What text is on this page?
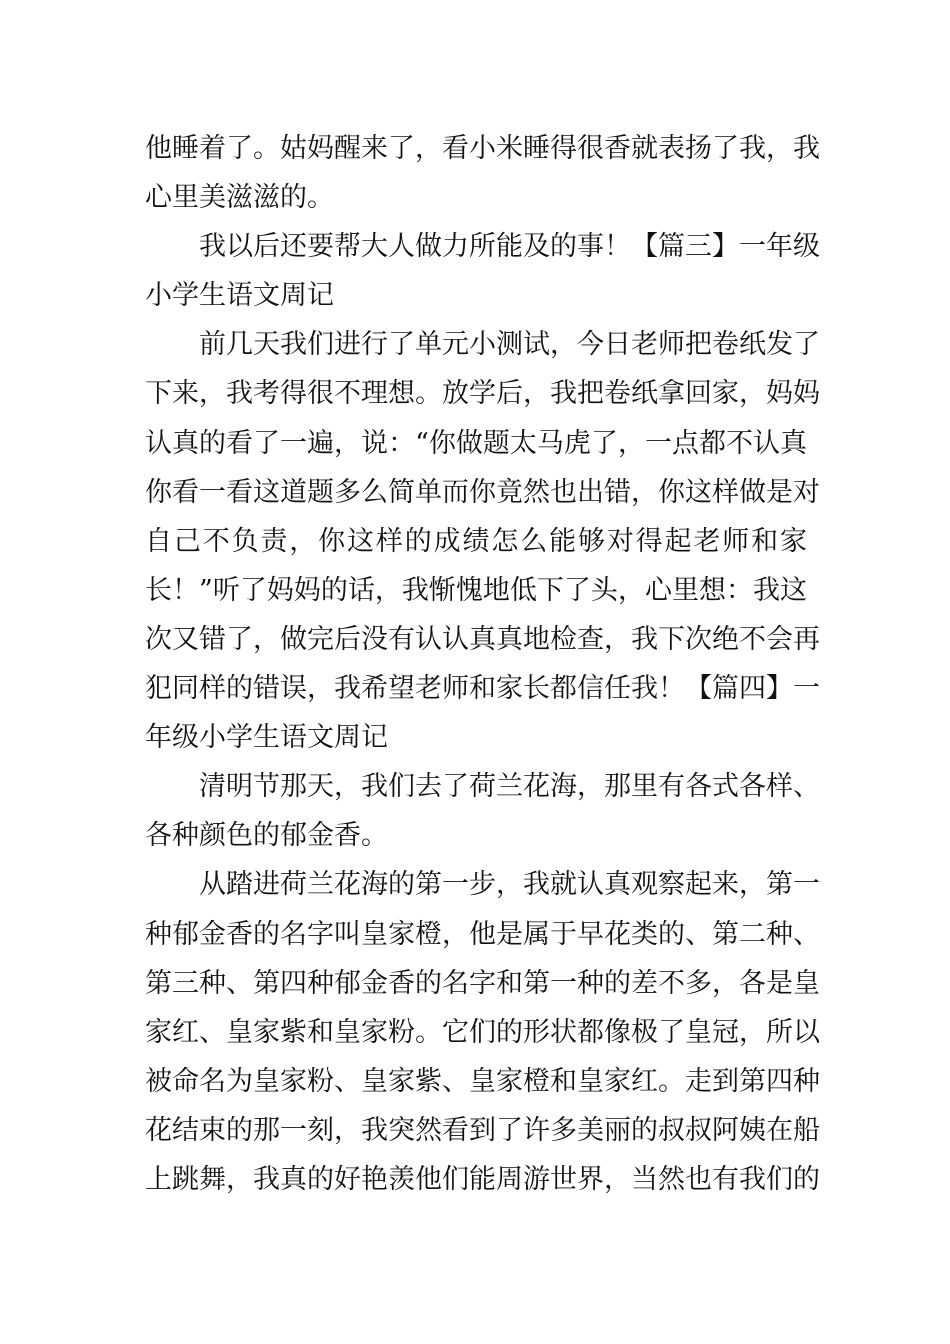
他睡着了。姑妈醒来了，看小米睡得很香就表扬了我，我
心里美滋滋的。
我以后还要帮大人做力所能及的事！【篇三】一年级
小学生语文周记
前几天我们进行了单元小测试，今日老师把卷纸发了
下来，我考得很不理想。放学后，我把卷纸拿回家，妈妈
认真的看了一遍，说：“你做题太马虎了，一点都不认真
你看一看这道题多么简单而你竟然也出错，你这样做是对
自己不负责，你这样的成绩怎么能够对得起老师和家
长！”听了妈妈的话，我惭愧地低下了头，心里想：我这
次又错了，做完后没有认认真真地检查，我下次绝不会再
犯同样的错误，我希望老师和家长都信任我！【篇四】一
年级小学生语文周记
清明节那天，我们去了荷兰花海，那里有各式各样、
各种颜色的郁金香。
从踏进荷兰花海的第一步，我就认真观察起来，第一
种郁金香的名字叫皇家橙，他是属于早花类的、第二种、
第三种、第四种郁金香的名字和第一种的差不多，各是皇
家红、皇家紫和皇家粉。它们的形状都像极了皇冠，所以
被命名为皇家粉、皇家紫、皇家橙和皇家红。走到第四种
花结束的那一刻，我突然看到了许多美丽的叔叔阿姨在船
上跳舞，我真的好艳羡他们能周游世界，当然也有我们的
